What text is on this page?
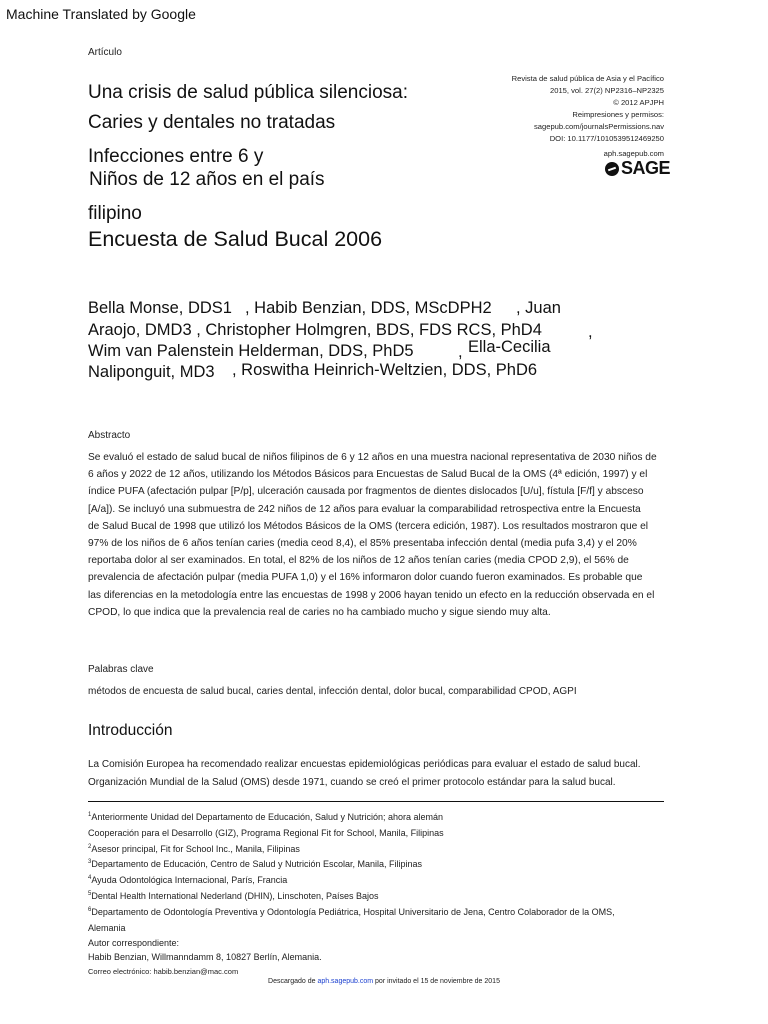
Machine Translated by Google
Artículo
Una crisis de salud pública silenciosa:
Caries y dentales no tratadas
Infecciones entre 6 y
Niños de 12 años en el país
filipino
Encuesta de Salud Bucal 2006
Revista de salud pública de Asia y el Pacífico
2015, vol. 27(2) NP2316–NP2325
© 2012 APJPH
Reimpresiones y permisos:
sagepub.com/journalsPermissions.nav
DOI: 10.1177/1010539512469250
aph.sagepub.com
SAGE
Bella Monse, DDS1 , Habib Benzian, DDS, MScDPH2 , Juan
Araojo, DMD3 , Christopher Holmgren, BDS, FDS RCS, PhD4	,
Wim van Palenstein Helderman, DDS, PhD5	, Ella-Cecilia
Naliponguit, MD3 , Roswitha Heinrich-Weltzien, DDS, PhD6
Abstracto
Se evaluó el estado de salud bucal de niños filipinos de 6 y 12 años en una muestra nacional representativa de 2030 niños de
6 años y 2022 de 12 años, utilizando los Métodos Básicos para Encuestas de Salud Bucal de la OMS (4ª edición, 1997) y el
índice PUFA (afectación pulpar [P/p], ulceración causada por fragmentos de dientes dislocados [U/u], fístula [F/f] y absceso
[A/a]). Se incluyó una submuestra de 242 niños de 12 años para evaluar la comparabilidad retrospectiva entre la Encuesta
de Salud Bucal de 1998 que utilizó los Métodos Básicos de la OMS (tercera edición, 1987). Los resultados mostraron que el
97% de los niños de 6 años tenían caries (media ceod 8,4), el 85% presentaba infección dental (media pufa 3,4) y el 20%
reportaba dolor al ser examinados. En total, el 82% de los niños de 12 años tenían caries (media CPOD 2,9), el 56% de
prevalencia de afectación pulpar (media PUFA 1,0) y el 16% informaron dolor cuando fueron examinados. Es probable que
las diferencias en la metodología entre las encuestas de 1998 y 2006 hayan tenido un efecto en la reducción observada en el
CPOD, lo que indica que la prevalencia real de caries no ha cambiado mucho y sigue siendo muy alta.
Palabras clave
métodos de encuesta de salud bucal, caries dental, infección dental, dolor bucal, comparabilidad CPOD, AGPI
Introducción
La Comisión Europea ha recomendado realizar encuestas epidemiológicas periódicas para evaluar el estado de salud bucal.
Organización Mundial de la Salud (OMS) desde 1971, cuando se creó el primer protocolo estándar para la salud bucal.
$^1$Anteriormente Unidad del Departamento de Educación, Salud y Nutrición; ahora alemán
Cooperación para el Desarrollo (GIZ), Programa Regional Fit for School, Manila, Filipinas
$^2$Asesor principal, Fit for School Inc., Manila, Filipinas
$^3$Departamento de Educación, Centro de Salud y Nutrición Escolar, Manila, Filipinas
$^4$Ayuda Odontológica Internacional, París, Francia
$^5$Dental Health International Nederland (DHIN), Linschoten, Países Bajos
$^6$Departamento de Odontología Preventiva y Odontología Pediátrica, Hospital Universitario de Jena, Centro Colaborador de la OMS,
Alemania
Autor correspondiente:
Habib Benzian, Willmanndamm 8, 10827 Berlín, Alemania.
Correo electrónico: habib.benzian@mac.com
Descargado de aph.sagepub.com por invitado el 15 de noviembre de 2015
